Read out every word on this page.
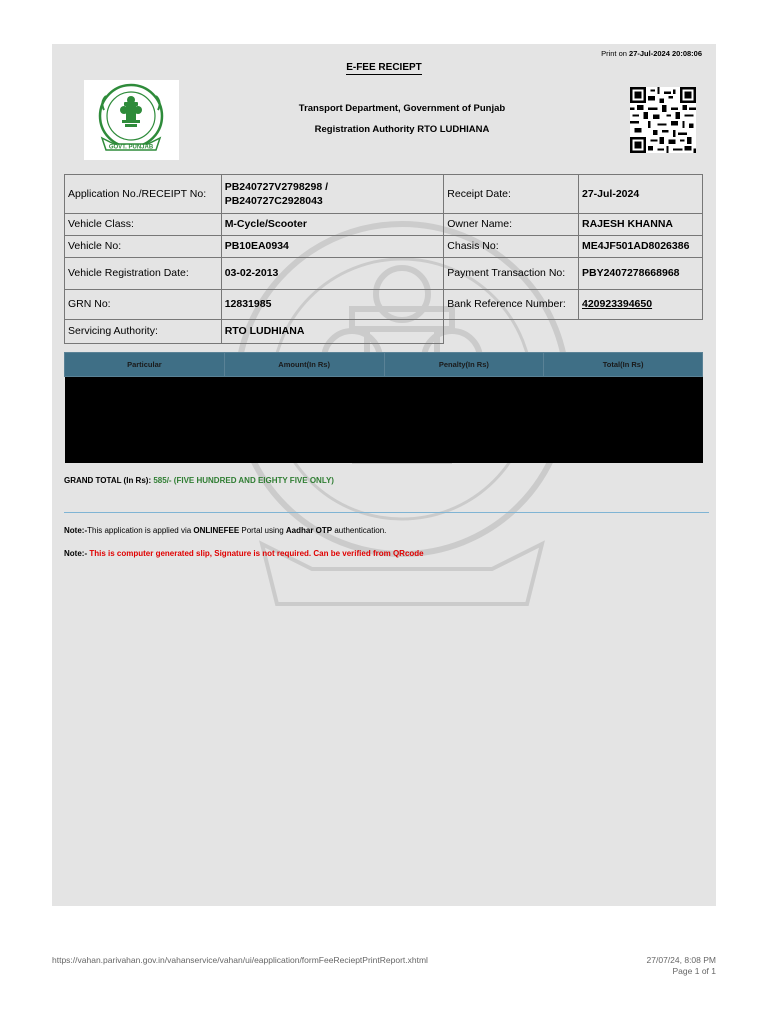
Print on 27-Jul-2024 20:08:06
E-FEE RECIEPT
GOVT. PUNJAB
Transport Department, Government of Punjab
Registration Authority RTO LUDHIANA
Application No./RECEIPT No:	PB240727V2798298 /
PB240727C2928043	Receipt Date:	27-Jul-2024
Vehicle Class:	M-Cycle/Scooter	Owner Name:	RAJESH KHANNA
Vehicle No:	PB10EA0934	Chasis No:	ME4JF501AD8026386
Vehicle Registration Date:	03-02-2013	Payment Transaction No:	PBY2407278668968
GRN No:	12831985	Bank Reference Number:	420923394650
Servicing Authority:	RTO LUDHIANA		
Particular	Amount(In Rs)	Penalty(In Rs)	Total(In Rs)

GRAND TOTAL (In Rs): 585/- (FIVE HUNDRED AND EIGHTY FIVE ONLY)
Note:-This application is applied via ONLINEFEE Portal using Aadhar OTP authentication.
Note:- This is computer generated slip, Signature is not required. Can be verified from QRcode
https://vahan.parivahan.gov.in/vahanservice/vahan/ui/eapplication/formFeeRecieptPrintReport.xhtml	27/07/24, 8:08 PM
Page 1 of 1
